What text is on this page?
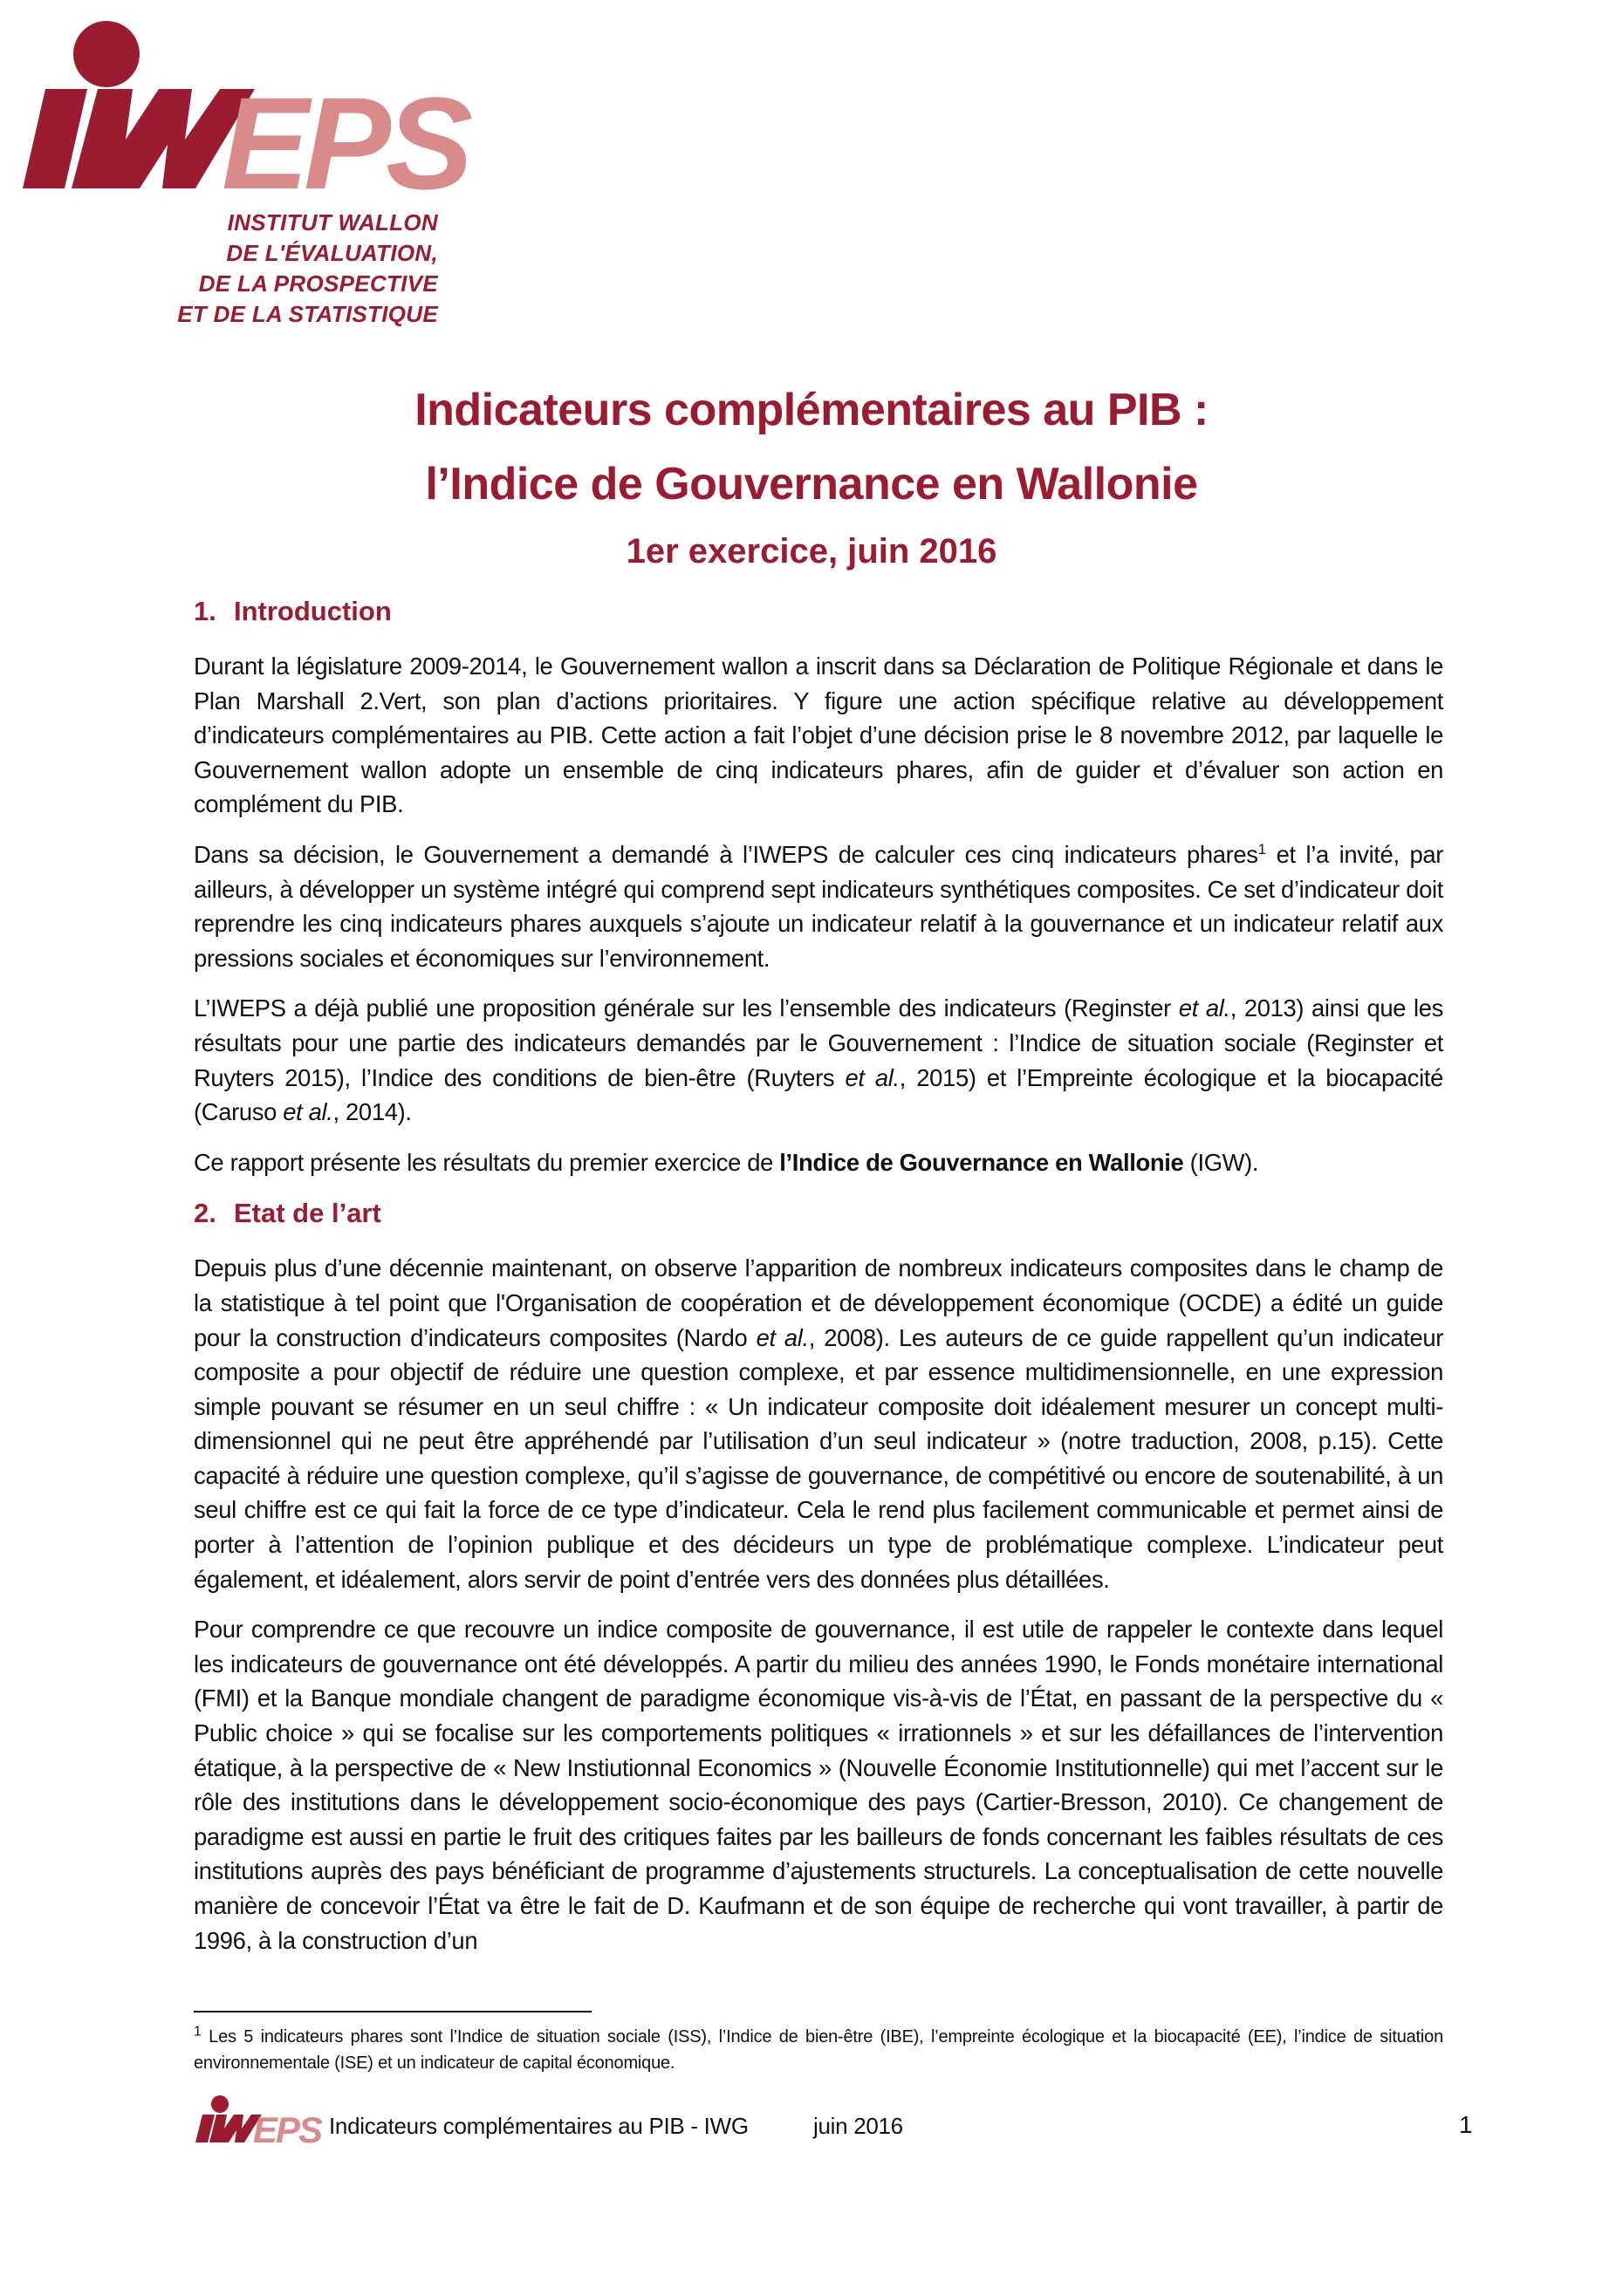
EPS
INSTITUT WALLON
DE L'ÉVALUATION,
DE LA PROSPECTIVE
ET DE LA STATISTIQUE
Indicateurs complémentaires au PIB :
l’Indice de Gouvernance en Wallonie
1er exercice, juin 2016
1. Introduction

Durant la législature 2009-2014, le Gouvernement wallon a inscrit dans sa Déclaration de Politique Régionale et dans le Plan Marshall 2.Vert, son plan d’actions prioritaires. Y figure une action spécifique relative au développement d’indicateurs complémentaires au PIB. Cette action a fait l’objet d’une décision prise le 8 novembre 2012, par laquelle le Gouvernement wallon adopte un ensemble de cinq indicateurs phares, afin de guider et d’évaluer son action en complément du PIB.

Dans sa décision, le Gouvernement a demandé à l’IWEPS de calculer ces cinq indicateurs phares$^1$ et l’a invité, par ailleurs, à développer un système intégré qui comprend sept indicateurs synthétiques composites. Ce set d’indicateur doit reprendre les cinq indicateurs phares auxquels s’ajoute un indicateur relatif à la gouvernance et un indicateur relatif aux pressions sociales et économiques sur l’environnement.

L’IWEPS a déjà publié une proposition générale sur les l’ensemble des indicateurs (Reginster et al., 2013) ainsi que les résultats pour une partie des indicateurs demandés par le Gouvernement : l’Indice de situation sociale (Reginster et Ruyters 2015), l’Indice des conditions de bien-être (Ruyters et al., 2015) et l’Empreinte écologique et la biocapacité (Caruso et al., 2014).

Ce rapport présente les résultats du premier exercice de l’Indice de Gouvernance en Wallonie (IGW).

2. Etat de l’art

Depuis plus d’une décennie maintenant, on observe l’apparition de nombreux indicateurs composites dans le champ de la statistique à tel point que l'Organisation de coopération et de développement économique (OCDE) a édité un guide pour la construction d’indicateurs composites (Nardo et al., 2008). Les auteurs de ce guide rappellent qu’un indicateur composite a pour objectif de réduire une question complexe, et par essence multidimensionnelle, en une expression simple pouvant se résumer en un seul chiffre : « Un indicateur composite doit idéalement mesurer un concept multi-dimensionnel qui ne peut être appréhendé par l’utilisation d’un seul indicateur » (notre traduction, 2008, p.15). Cette capacité à réduire une question complexe, qu’il s’agisse de gouvernance, de compétitivé ou encore de soutenabilité, à un seul chiffre est ce qui fait la force de ce type d’indicateur. Cela le rend plus facilement communicable et permet ainsi de porter à l’attention de l’opinion publique et des décideurs un type de problématique complexe. L’indicateur peut également, et idéalement, alors servir de point d’entrée vers des données plus détaillées.

Pour comprendre ce que recouvre un indice composite de gouvernance, il est utile de rappeler le contexte dans lequel les indicateurs de gouvernance ont été développés. A partir du milieu des années 1990, le Fonds monétaire international (FMI) et la Banque mondiale changent de paradigme économique vis-à-vis de l’État, en passant de la perspective du « Public choice » qui se focalise sur les comportements politiques « irrationnels » et sur les défaillances de l’intervention étatique, à la perspective de « New Instiutionnal Economics » (Nouvelle Économie Institutionnelle) qui met l’accent sur le rôle des institutions dans le développement socio-économique des pays (Cartier-Bresson, 2010). Ce changement de paradigme est aussi en partie le fruit des critiques faites par les bailleurs de fonds concernant les faibles résultats de ces institutions auprès des pays bénéficiant de programme d’ajustements structurels. La conceptualisation de cette nouvelle manière de concevoir l’État va être le fait de D. Kaufmann et de son équipe de recherche qui vont travailler, à partir de 1996, à la construction d’un

$^1$ Les 5 indicateurs phares sont l’Indice de situation sociale (ISS), l’Indice de bien-être (IBE), l’empreinte écologique et la biocapacité (EE), l’indice de situation environnementale (ISE) et un indicateur de capital économique.
EPS Indicateurs complémentaires au PIB - IWG	juin 2016	1
